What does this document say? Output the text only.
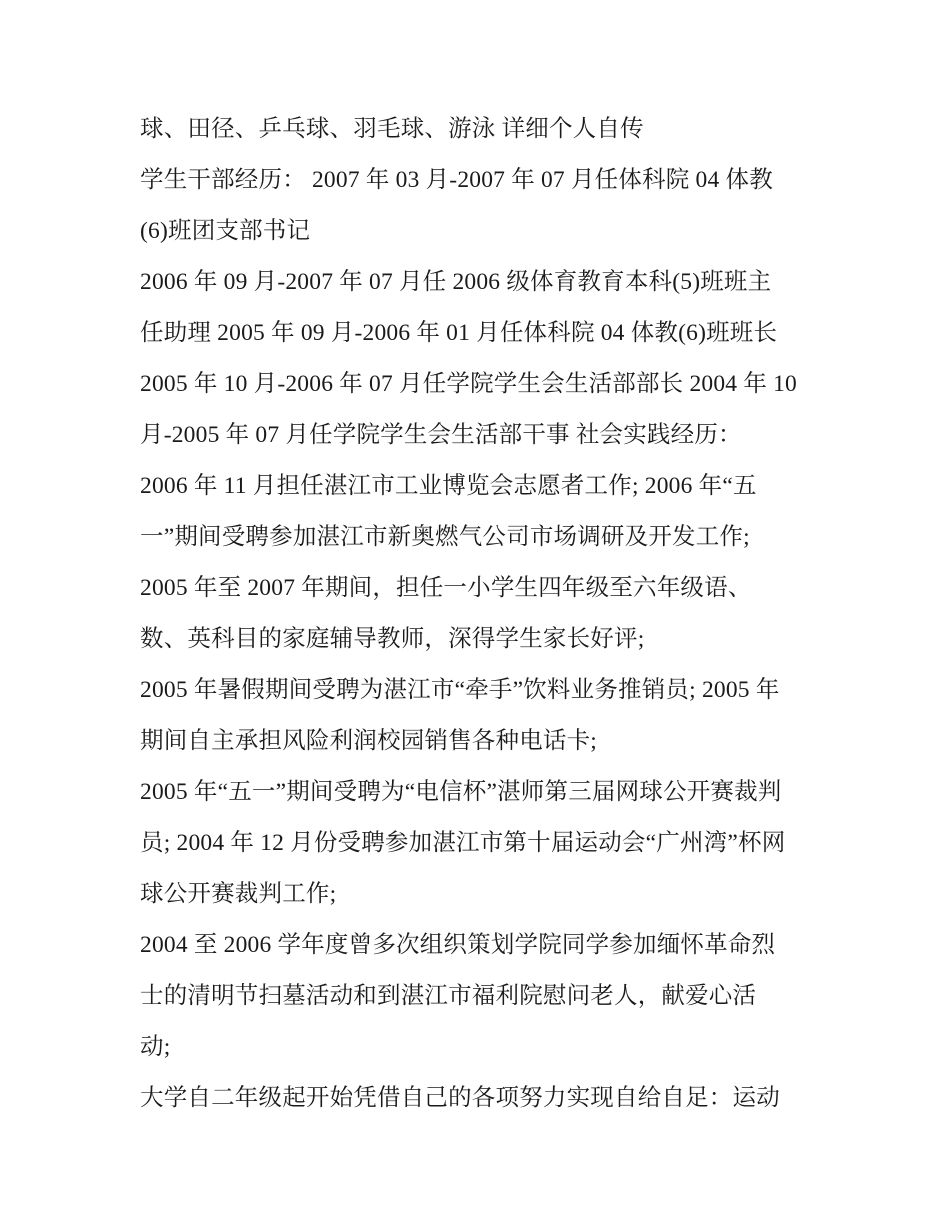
球、田径、乒乓球、羽毛球、游泳 详细个人自传
学生干部经历： 2007 年 03 月-2007 年 07 月任体科院 04 体教
(6)班团支部书记
2006 年 09 月-2007 年 07 月任 2006 级体育教育本科(5)班班主
任助理 2005 年 09 月-2006 年 01 月任体科院 04 体教(6)班班长
2005 年 10 月-2006 年 07 月任学院学生会生活部部长 2004 年 10
月-2005 年 07 月任学院学生会生活部干事 社会实践经历：
2006 年 11 月担任湛江市工业博览会志愿者工作; 2006 年“五
一”期间受聘参加湛江市新奥燃气公司市场调研及开发工作;
2005 年至 2007 年期间，担任一小学生四年级至六年级语、
数、英科目的家庭辅导教师，深得学生家长好评;
2005 年暑假期间受聘为湛江市“牵手”饮料业务推销员; 2005 年
期间自主承担风险利润校园销售各种电话卡;
2005 年“五一”期间受聘为“电信杯”湛师第三届网球公开赛裁判
员; 2004 年 12 月份受聘参加湛江市第十届运动会“广州湾”杯网
球公开赛裁判工作;
2004 至 2006 学年度曾多次组织策划学院同学参加缅怀革命烈
士的清明节扫墓活动和到湛江市福利院慰问老人，献爱心活
动;
大学自二年级起开始凭借自己的各项努力实现自给自足：运动
